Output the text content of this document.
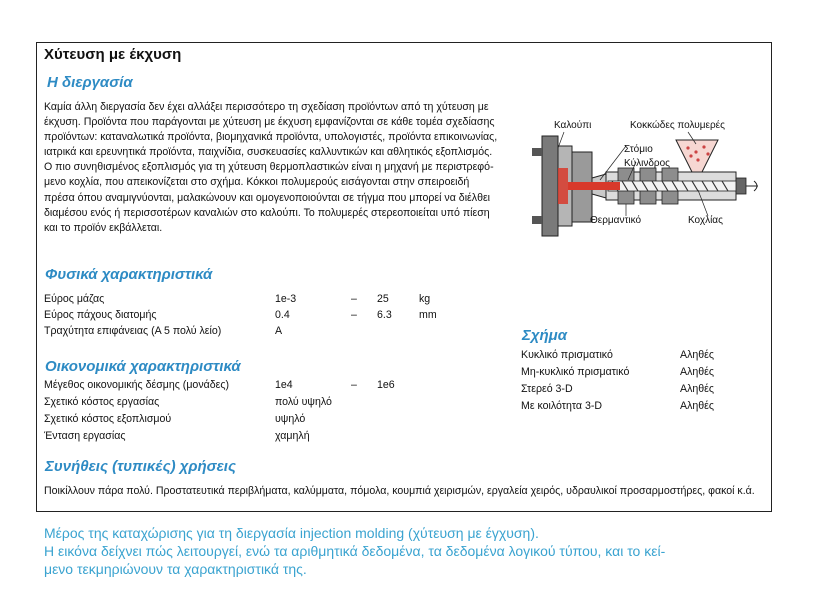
Χύτευση με έκχυση
Η διεργασία
Καμία άλλη διεργασία δεν έχει αλλάξει περισσότερο τη σχεδίαση προϊόντων από τη χύτευση με
έκχυση. Προϊόντα που παράγονται με χύτευση με έκχυση εμφανίζονται σε κάθε τομέα σχεδίασης
προϊόντων: καταναλωτικά προϊόντα, βιομηχανικά προϊόντα, υπολογιστές, προϊόντα επικοινωνίας,
ιατρικά και ερευνητικά προϊόντα, παιχνίδια, συσκευασίες καλλυντικών και αθλητικός εξοπλισμός.
Ο πιο συνηθισμένος εξοπλισμός για τη χύτευση θερμοπλαστικών είναι η μηχανή με περιστρεφό-
μενο κοχλία, που απεικονίζεται στο σχήμα. Κόκκοι πολυμερούς εισάγονται στην σπειροειδή
πρέσα όπου αναμιγνύονται, μαλακώνουν και ομογενοποιούνται σε τήγμα που μπορεί να διέλθει
διαμέσου ενός ή περισσοτέρων καναλιών στο καλούπι. Το πολυμερές στερεοποιείται υπό πίεση
και το προϊόν εκβάλλεται.
Καλούπι	Κοκκώδες πολυμερές
Στόμιο
Κύλινδρος
Θερμαντικό	Κοχλίας
Φυσικά χαρακτηριστικά
Εύρος μάζας	1e-3	– 25	kg
Εύρος πάχους διατομής	0.4	– 6.3	mm
Τραχύτητα επιφάνειας (Α 5 πολύ λείο)	A
Οικονομικά χαρακτηριστικά
Μέγεθος οικονομικής δέσμης (μονάδες)	1e4	– 1e6
Σχετικό κόστος εργασίας	πολύ υψηλό
Σχετικό κόστος εξοπλισμού	υψηλό
Ένταση εργασίας	χαμηλή
Σχήμα
Κυκλικό πρισματικό	Αληθές
Μη-κυκλικό πρισματικό	Αληθές
Στερεό 3-D	Αληθές
Με κοιλότητα 3-D	Αληθές
Συνήθεις (τυπικές) χρήσεις
Ποικίλλουν πάρα πολύ. Προστατευτικά περιβλήματα, καλύμματα, πόμολα, κουμπιά χειρισμών, εργαλεία χειρός, υδραυλικοί προσαρμοστήρες, φακοί κ.ά.
Μέρος της καταχώρισης για τη διεργασία injection molding (χύτευση με έγχυση).
Η εικόνα δείχνει πώς λειτουργεί, ενώ τα αριθμητικά δεδομένα, τα δεδομένα λογικού τύπου, και το κεί-
μενο τεκμηριώνουν τα χαρακτηριστικά της.
